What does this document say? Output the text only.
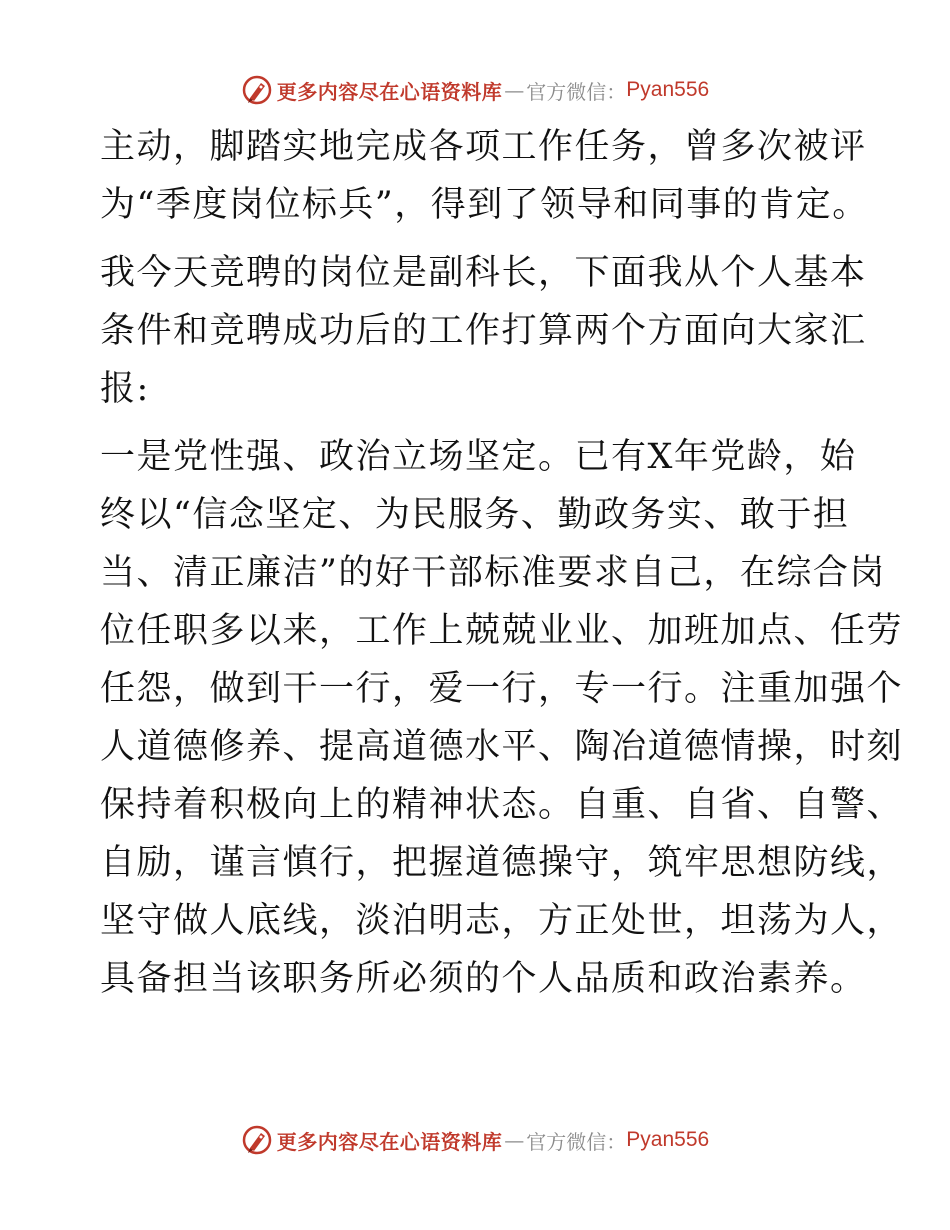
更多内容尽在心语资料库 — 官方微信： Pyan556

主动，脚踏实地完成各项工作任务，曾多次被评
为“季度岗位标兵”，得到了领导和同事的肯定。

我今天竞聘的岗位是副科长，下面我从个人基本
条件和竞聘成功后的工作打算两个方面向大家汇
报:

一是党性强、政治立场坚定。已有X年党龄，始
终以“信念坚定、为民服务、勤政务实、敢于担
当、清正廉洁”的好干部标准要求自己，在综合岗
位任职多以来，工作上兢兢业业、加班加点、任劳
任怨，做到干一行，爱一行，专一行。注重加强个
人道德修养、提高道德水平、陶冶道德情操，时刻
保持着积极向上的精神状态。自重、自省、自警、
自励，谨言慎行，把握道德操守，筑牢思想防线，
坚守做人底线，淡泊明志，方正处世，坦荡为人，
具备担当该职务所必须的个人品质和政治素养。

更多内容尽在心语资料库 — 官方微信： Pyan556
